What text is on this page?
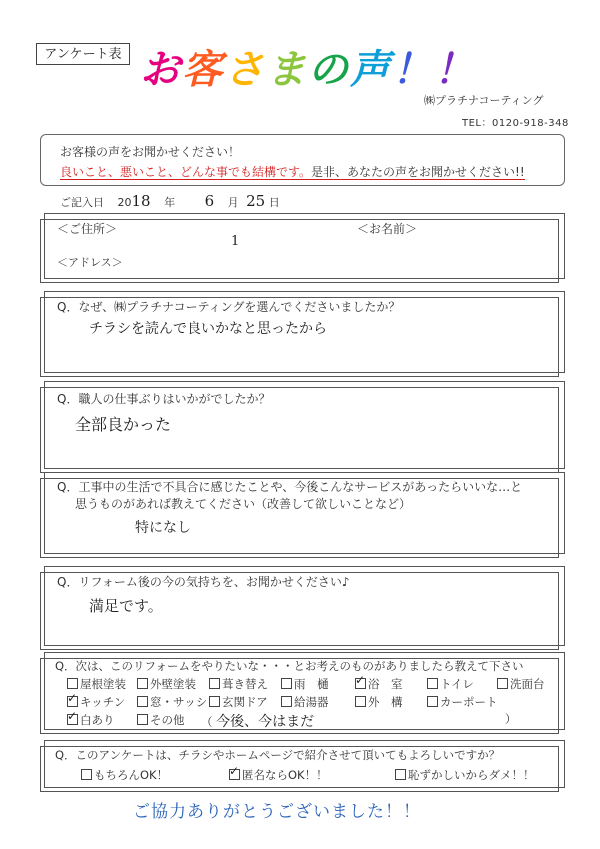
アンケート表 お客さまの声！！
㈱プラチナコーティング
TEL：0120-918-348
お客様の声をお聞かせください！
良いこと、悪いこと、どんな事でも結構です。是非、あなたの声をお聞かせください!!
ご記入日 2018 年 6 月 25 日
＜ご住所＞
1
＜お名前＞
＜アドレス＞
Q．なぜ、㈱プラチナコーティングを選んでくださいましたか？
チラシを読んで良いかなと思ったから
Q．職人の仕事ぶりはいかがでしたか？
全部良かった
Q．工事中の生活で不具合に感じたことや、今後こんなサービスがあったらいいな…と
思うものがあれば教えてください（改善して欲しいことなど）
特になし
Q．リフォーム後の今の気持ちを、お聞かせください♪
満足です。
Q．次は、このリフォームをやりたいな・・・とお考えのものがありましたら教えて下さい
屋根塗装	外壁塗装	葺き替え	雨　樋 ✓	浴　室	トイレ	洗面台
✓キッチン	窓・サッシ	玄関ドア	給湯器	外　構	カーポート
✓白あり	その他 （ 今後、今はまだ	）
Q．このアンケートは、チラシやホームページで紹介させて頂いてもよろしいですか？
もちろんOK！ ✓	匿名ならOK！！	恥ずかしいからダメ！！
ご協力ありがとうございました！！
